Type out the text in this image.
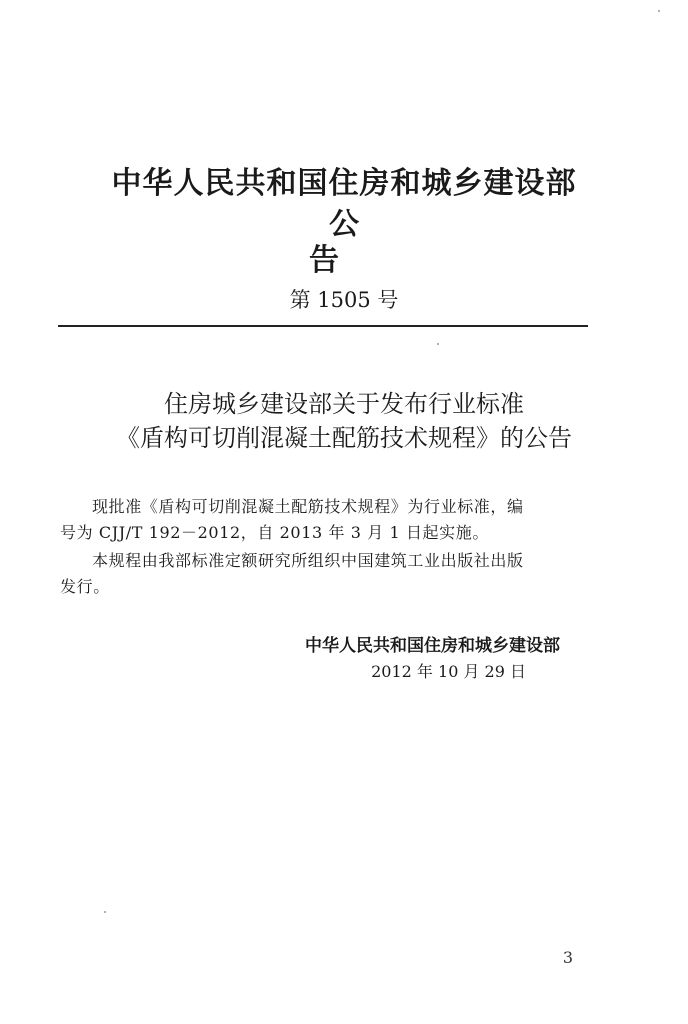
中华人民共和国住房和城乡建设部
公 告
第 1505 号
住房城乡建设部关于发布行业标准
《盾构可切削混凝土配筋技术规程》的公告
现批准《盾构可切削混凝土配筋技术规程》为行业标准，编
号为 CJJ/T 192－2012，自 2013 年 3 月 1 日起实施。
本规程由我部标准定额研究所组织中国建筑工业出版社出版
发行。
中华人民共和国住房和城乡建设部
2012 年 10 月 29 日
3
